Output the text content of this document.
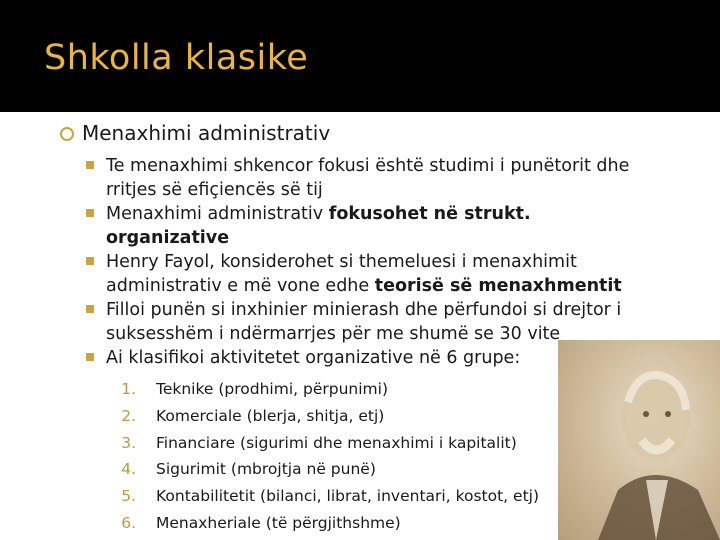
Shkolla klasike
Menaxhimi administrativ
Te menaxhimi shkencor fokusi është studimi i punëtorit dhe rritjes së efiçiencës së tij
Menaxhimi administrativ fokusohet në strukt. organizative
Henry Fayol, konsiderohet si themeluesi i menaxhimit administrativ e më vone edhe teorisë së menaxhmentit
Filloi punën si inxhinier minierash dhe përfundoi si drejtor i suksesshëm i ndërmarrjes për me shumë se 30 vite
Ai klasifikoi aktivitetet organizative në 6 grupe:
1. Teknike (prodhimi, përpunimi)
2. Komerciale (blerja, shitja, etj)
3. Financiare (sigurimi dhe menaxhimi i kapitalit)
4. Sigurimit (mbrojtja në punë)
5. Kontabilitetit (bilanci, librat, inventari, kostot, etj)
6. Menaxheriale (të përgjithshme)
